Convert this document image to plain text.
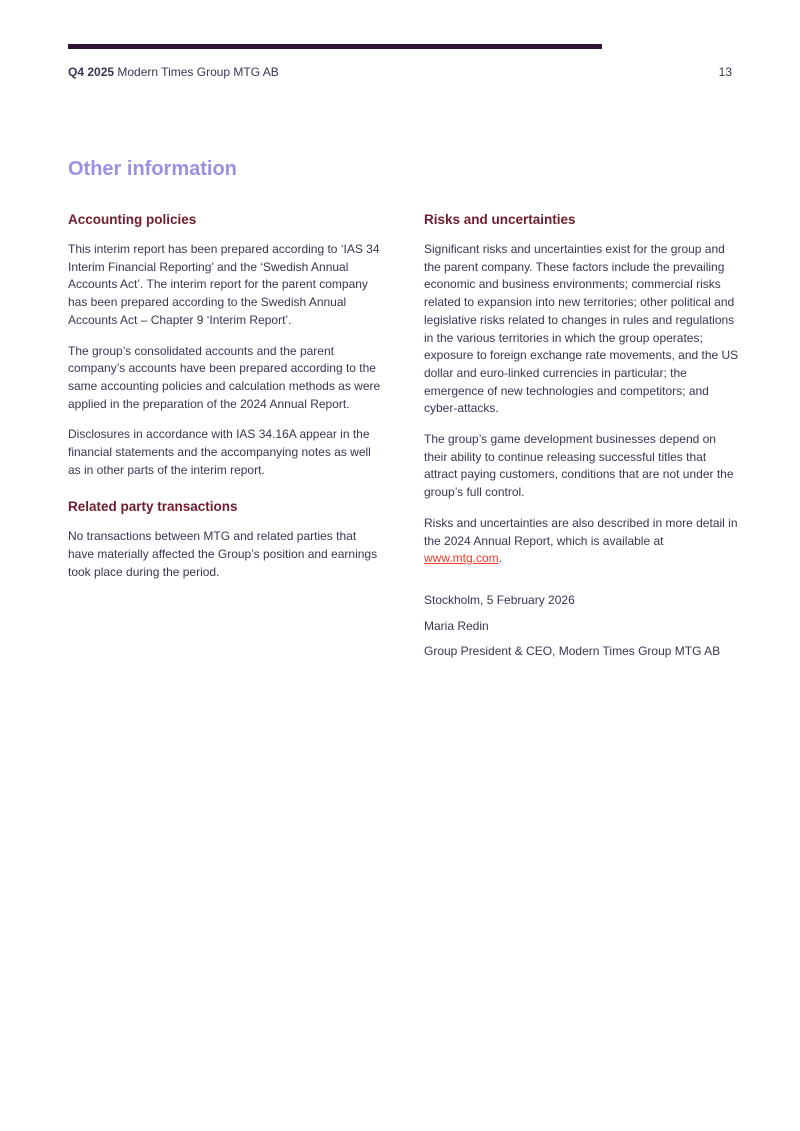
Q4 2025 Modern Times Group MTG AB	13
Other information
Accounting policies

This interim report has been prepared according to ‘IAS 34 Interim Financial Reporting’ and the ‘Swedish Annual Accounts Act’. The interim report for the parent company has been prepared according to the Swedish Annual Accounts Act – Chapter 9 ‘Interim Report’.

The group’s consolidated accounts and the parent company’s accounts have been prepared according to the same accounting policies and calculation methods as were applied in the preparation of the 2024 Annual Report.

Disclosures in accordance with IAS 34.16A appear in the financial statements and the accompanying notes as well as in other parts of the interim report.

Related party transactions

No transactions between MTG and related parties that have materially affected the Group’s position and earnings took place during the period.

Risks and uncertainties

Significant risks and uncertainties exist for the group and the parent company. These factors include the prevailing economic and business environments; commercial risks related to expansion into new territories; other political and legislative risks related to changes in rules and regulations in the various territories in which the group operates; exposure to foreign exchange rate movements, and the US dollar and euro-linked currencies in particular; the emergence of new technologies and competitors; and cyber-attacks.

The group’s game development businesses depend on their ability to continue releasing successful titles that attract paying customers, conditions that are not under the group’s full control.

Risks and uncertainties are also described in more detail in the 2024 Annual Report, which is available at www.mtg.com.

Stockholm, 5 February 2026

Maria Redin

Group President & CEO, Modern Times Group MTG AB
